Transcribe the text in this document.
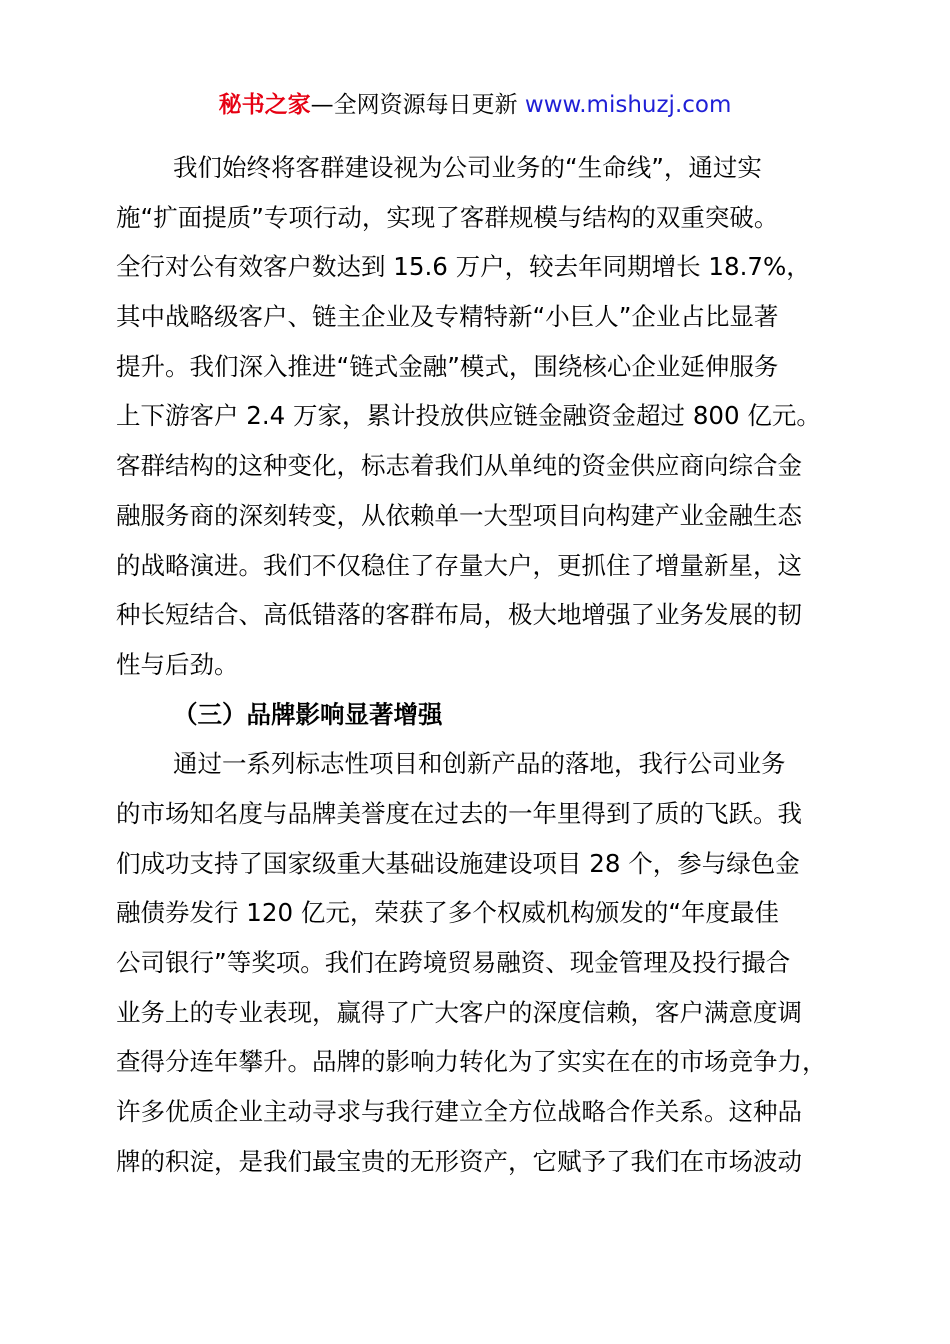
秘书之家—全网资源每日更新 www.mishuzj.com
我们始终将客群建设视为公司业务的“生命线”，通过实
施“扩面提质”专项行动，实现了客群规模与结构的双重突破。
全行对公有效客户数达到 15.6 万户，较去年同期增长 18.7%，
其中战略级客户、链主企业及专精特新“小巨人”企业占比显著
提升。我们深入推进“链式金融”模式，围绕核心企业延伸服务
上下游客户 2.4 万家，累计投放供应链金融资金超过 800 亿元。
客群结构的这种变化，标志着我们从单纯的资金供应商向综合金
融服务商的深刻转变，从依赖单一大型项目向构建产业金融生态
的战略演进。我们不仅稳住了存量大户，更抓住了增量新星，这
种长短结合、高低错落的客群布局，极大地增强了业务发展的韧
性与后劲。
（三）品牌影响显著增强
通过一系列标志性项目和创新产品的落地，我行公司业务
的市场知名度与品牌美誉度在过去的一年里得到了质的飞跃。我
们成功支持了国家级重大基础设施建设项目 28 个，参与绿色金
融债券发行 120 亿元，荣获了多个权威机构颁发的“年度最佳
公司银行”等奖项。我们在跨境贸易融资、现金管理及投行撮合
业务上的专业表现，赢得了广大客户的深度信赖，客户满意度调
查得分连年攀升。品牌的影响力转化为了实实在在的市场竞争力，
许多优质企业主动寻求与我行建立全方位战略合作关系。这种品
牌的积淀，是我们最宝贵的无形资产，它赋予了我们在市场波动
